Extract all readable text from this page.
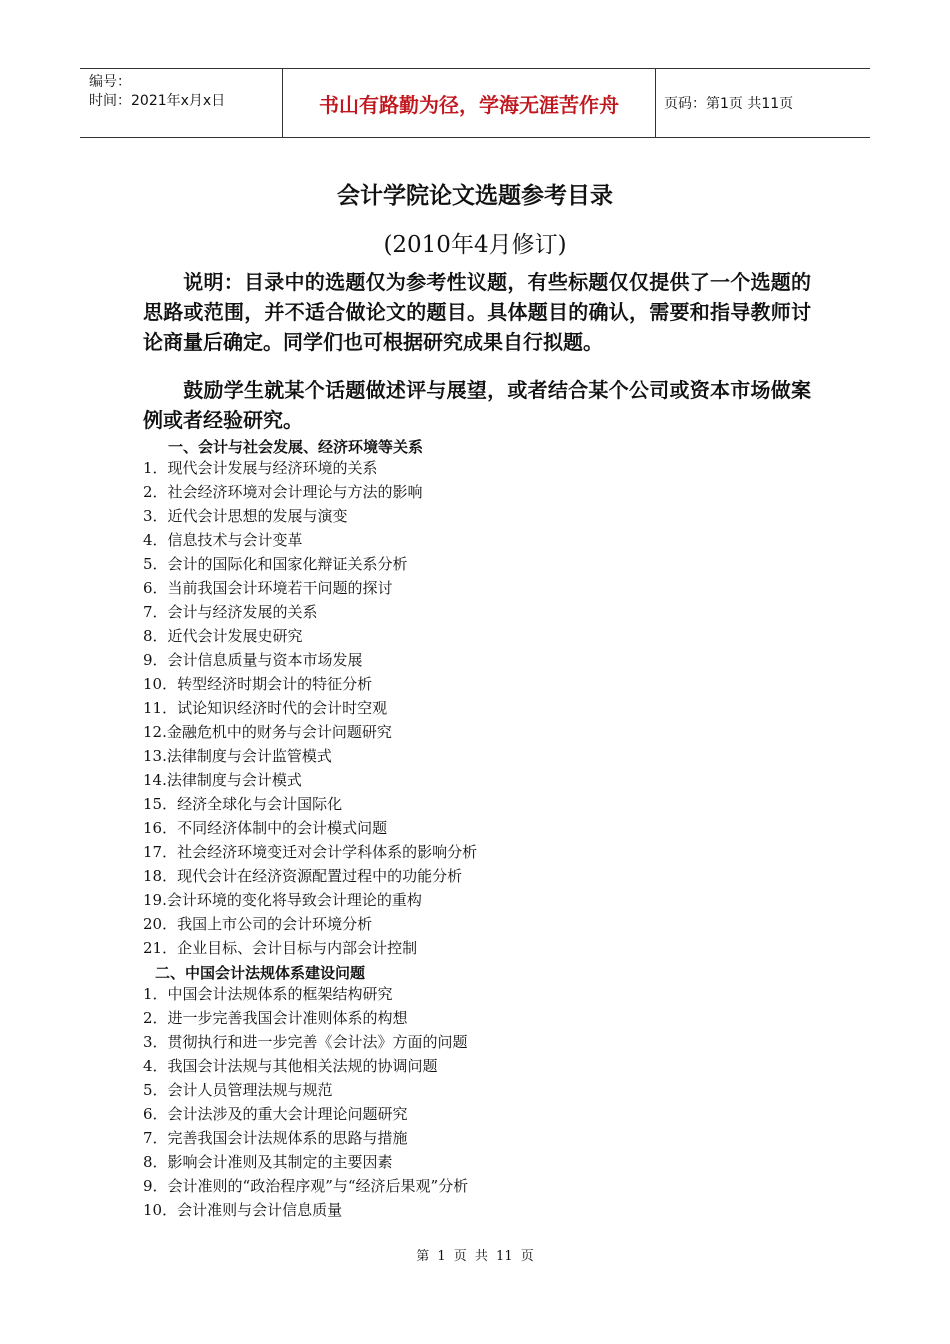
编号：
时间：2021年x月x日	书山有路勤为径，学海无涯苦作舟	页码：第1页 共11页
会计学院论文选题参考目录
(2010年4月修订)

说明：目录中的选题仅为参考性议题，有些标题仅仅提供了一个选题的思路或范围，并不适合做论文的题目。具体题目的确认，需要和指导教师讨论商量后确定。同学们也可根据研究成果自行拟题。

鼓励学生就某个话题做述评与展望，或者结合某个公司或资本市场做案例或者经验研究。

一、会计与社会发展、经济环境等关系
1．现代会计发展与经济环境的关系
2．社会经济环境对会计理论与方法的影响
3．近代会计思想的发展与演变
4．信息技术与会计变革
5．会计的国际化和国家化辩证关系分析
6．当前我国会计环境若干问题的探讨
7．会计与经济发展的关系
8．近代会计发展史研究
9．会计信息质量与资本市场发展
10．转型经济时期会计的特征分析
11．试论知识经济时代的会计时空观
12.金融危机中的财务与会计问题研究
13.法律制度与会计监管模式
14.法律制度与会计模式
15．经济全球化与会计国际化
16．不同经济体制中的会计模式问题
17．社会经济环境变迁对会计学科体系的影响分析
18．现代会计在经济资源配置过程中的功能分析
19.会计环境的变化将导致会计理论的重构
20．我国上市公司的会计环境分析
21．企业目标、会计目标与内部会计控制
二、中国会计法规体系建设问题
1．中国会计法规体系的框架结构研究
2．进一步完善我国会计准则体系的构想
3．贯彻执行和进一步完善《会计法》方面的问题
4．我国会计法规与其他相关法规的协调问题
5．会计人员管理法规与规范
6．会计法涉及的重大会计理论问题研究
7．完善我国会计法规体系的思路与措施
8．影响会计准则及其制定的主要因素
9．会计准则的“政治程序观”与“经济后果观”分析
10．会计准则与会计信息质量
第 1 页 共 11 页
